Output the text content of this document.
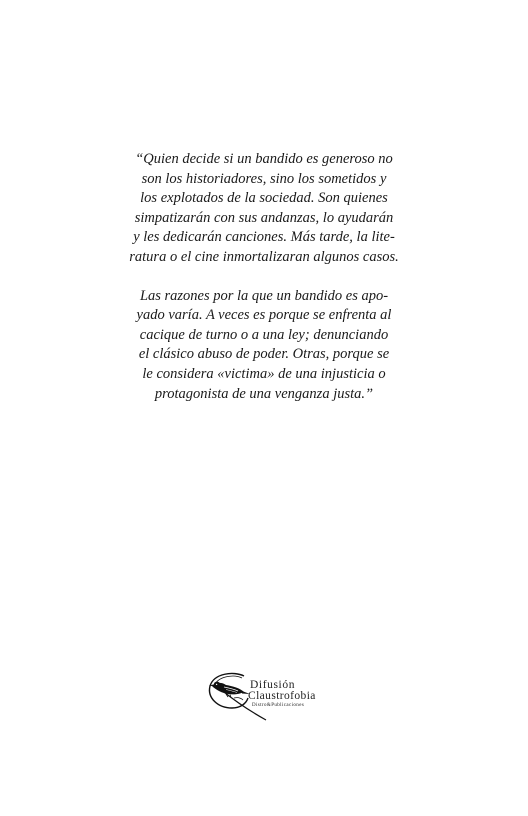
“Quien decide si un bandido es generoso no
son los historiadores, sino los sometidos y
los explotados de la sociedad. Son quienes
simpatizarán con sus andanzas, lo ayudarán
y les dedicarán canciones. Más tarde, la lite-
ratura o el cine inmortalizaran algunos casos.
Las razones por la que un bandido es apo-
yado varía. A veces es porque se enfrenta al
cacique de turno o a una ley; denunciando
el clásico abuso de poder. Otras, porque se
le considera «victima» de una injusticia o
protagonista de una venganza justa.”
Difusión
Claustrofobia
Distro&Publicaciones
